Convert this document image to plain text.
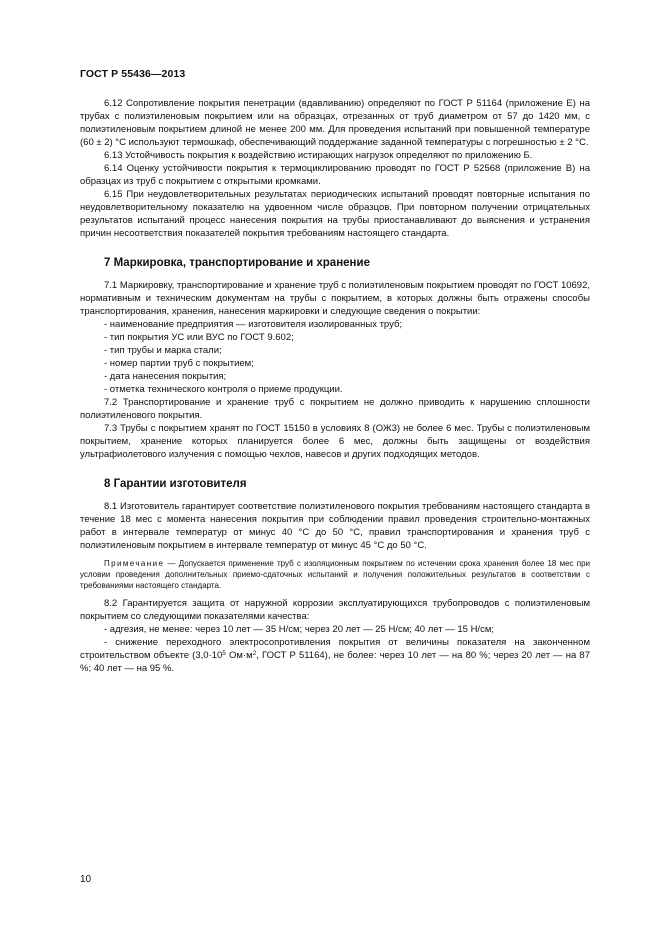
ГОСТ Р 55436—2013

6.12 Сопротивление покрытия пенетрации (вдавливанию) определяют по ГОСТ Р 51164 (приложение Е) на трубах с полиэтиленовым покрытием или на образцах, отрезанных от труб диаметром от 57 до 1420 мм, с полиэтиленовым покрытием длиной не менее 200 мм. Для проведения испытаний при повышенной температуре (60 ± 2) °С используют термошкаф, обеспечивающий поддержание заданной температуры с погрешностью ± 2 °С.

6.13 Устойчивость покрытия к воздействию истирающих нагрузок определяют по приложению Б.

6.14 Оценку устойчивости покрытия к термоциклированию проводят по ГОСТ Р 52568 (приложение В) на образцах из труб с покрытием с открытыми кромками.

6.15 При неудовлетворительных результатах периодических испытаний проводят повторные испытания по неудовлетворительному показателю на удвоенном числе образцов. При повторном получении отрицательных результатов испытаний процесс нанесения покрытия на трубы приостанавливают до выяснения и устранения причин несоответствия показателей покрытия требованиям настоящего стандарта.

7 Маркировка, транспортирование и хранение

7.1 Маркировку, транспортирование и хранение труб с полиэтиленовым покрытием проводят по ГОСТ 10692, нормативным и техническим документам на трубы с покрытием, в которых должны быть отражены способы транспортирования, хранения, нанесения маркировки и следующие сведения о покрытии:

- наименование предприятия — изготовителя изолированных труб;

- тип покрытия УС или ВУС по ГОСТ 9.602;

- тип трубы и марка стали;

- номер партии труб с покрытием;

- дата нанесения покрытия;

- отметка технического контроля о приеме продукции.

7.2 Транспортирование и хранение труб с покрытием не должно приводить к нарушению сплошности полиэтиленового покрытия.

7.3 Трубы с покрытием хранят по ГОСТ 15150 в условиях 8 (ОЖ3) не более 6 мес. Трубы с полиэтиленовым покрытием, хранение которых планируется более 6 мес, должны быть защищены от воздействия ультрафиолетового излучения с помощью чехлов, навесов и других подходящих методов.

8 Гарантии изготовителя

8.1 Изготовитель гарантирует соответствие полиэтиленового покрытия требованиям настоящего стандарта в течение 18 мес с момента нанесения покрытия при соблюдении правил проведения строительно-монтажных работ в интервале температур от минус 40 °С до 50 °С, правил транспортирования и хранения труб с полиэтиленовым покрытием в интервале температур от минус 45 °С до 50 °С.

Примечание — Допускается применение труб с изоляционным покрытием по истечении срока хранения более 18 мес при условии проведения дополнительных приемо-сдаточных испытаний и получения положительных результатов в соответствии с требованиями настоящего стандарта.

8.2 Гарантируется защита от наружной коррозии эксплуатирующихся трубопроводов с полиэтиленовым покрытием со следующими показателями качества:

- адгезия, не менее: через 10 лет — 35 Н/см; через 20 лет — 25 Н/см; 40 лет — 15 Н/см;

- снижение переходного электросопротивления покрытия от величины показателя на законченном строительством объекте ($3,0\cdot 10^5$ $Ом\cdot м^2$, ГОСТ Р 51164), не более: через 10 лет — на 80 %; через 20 лет — на 87 %; 40 лет — на 95 %.

10
